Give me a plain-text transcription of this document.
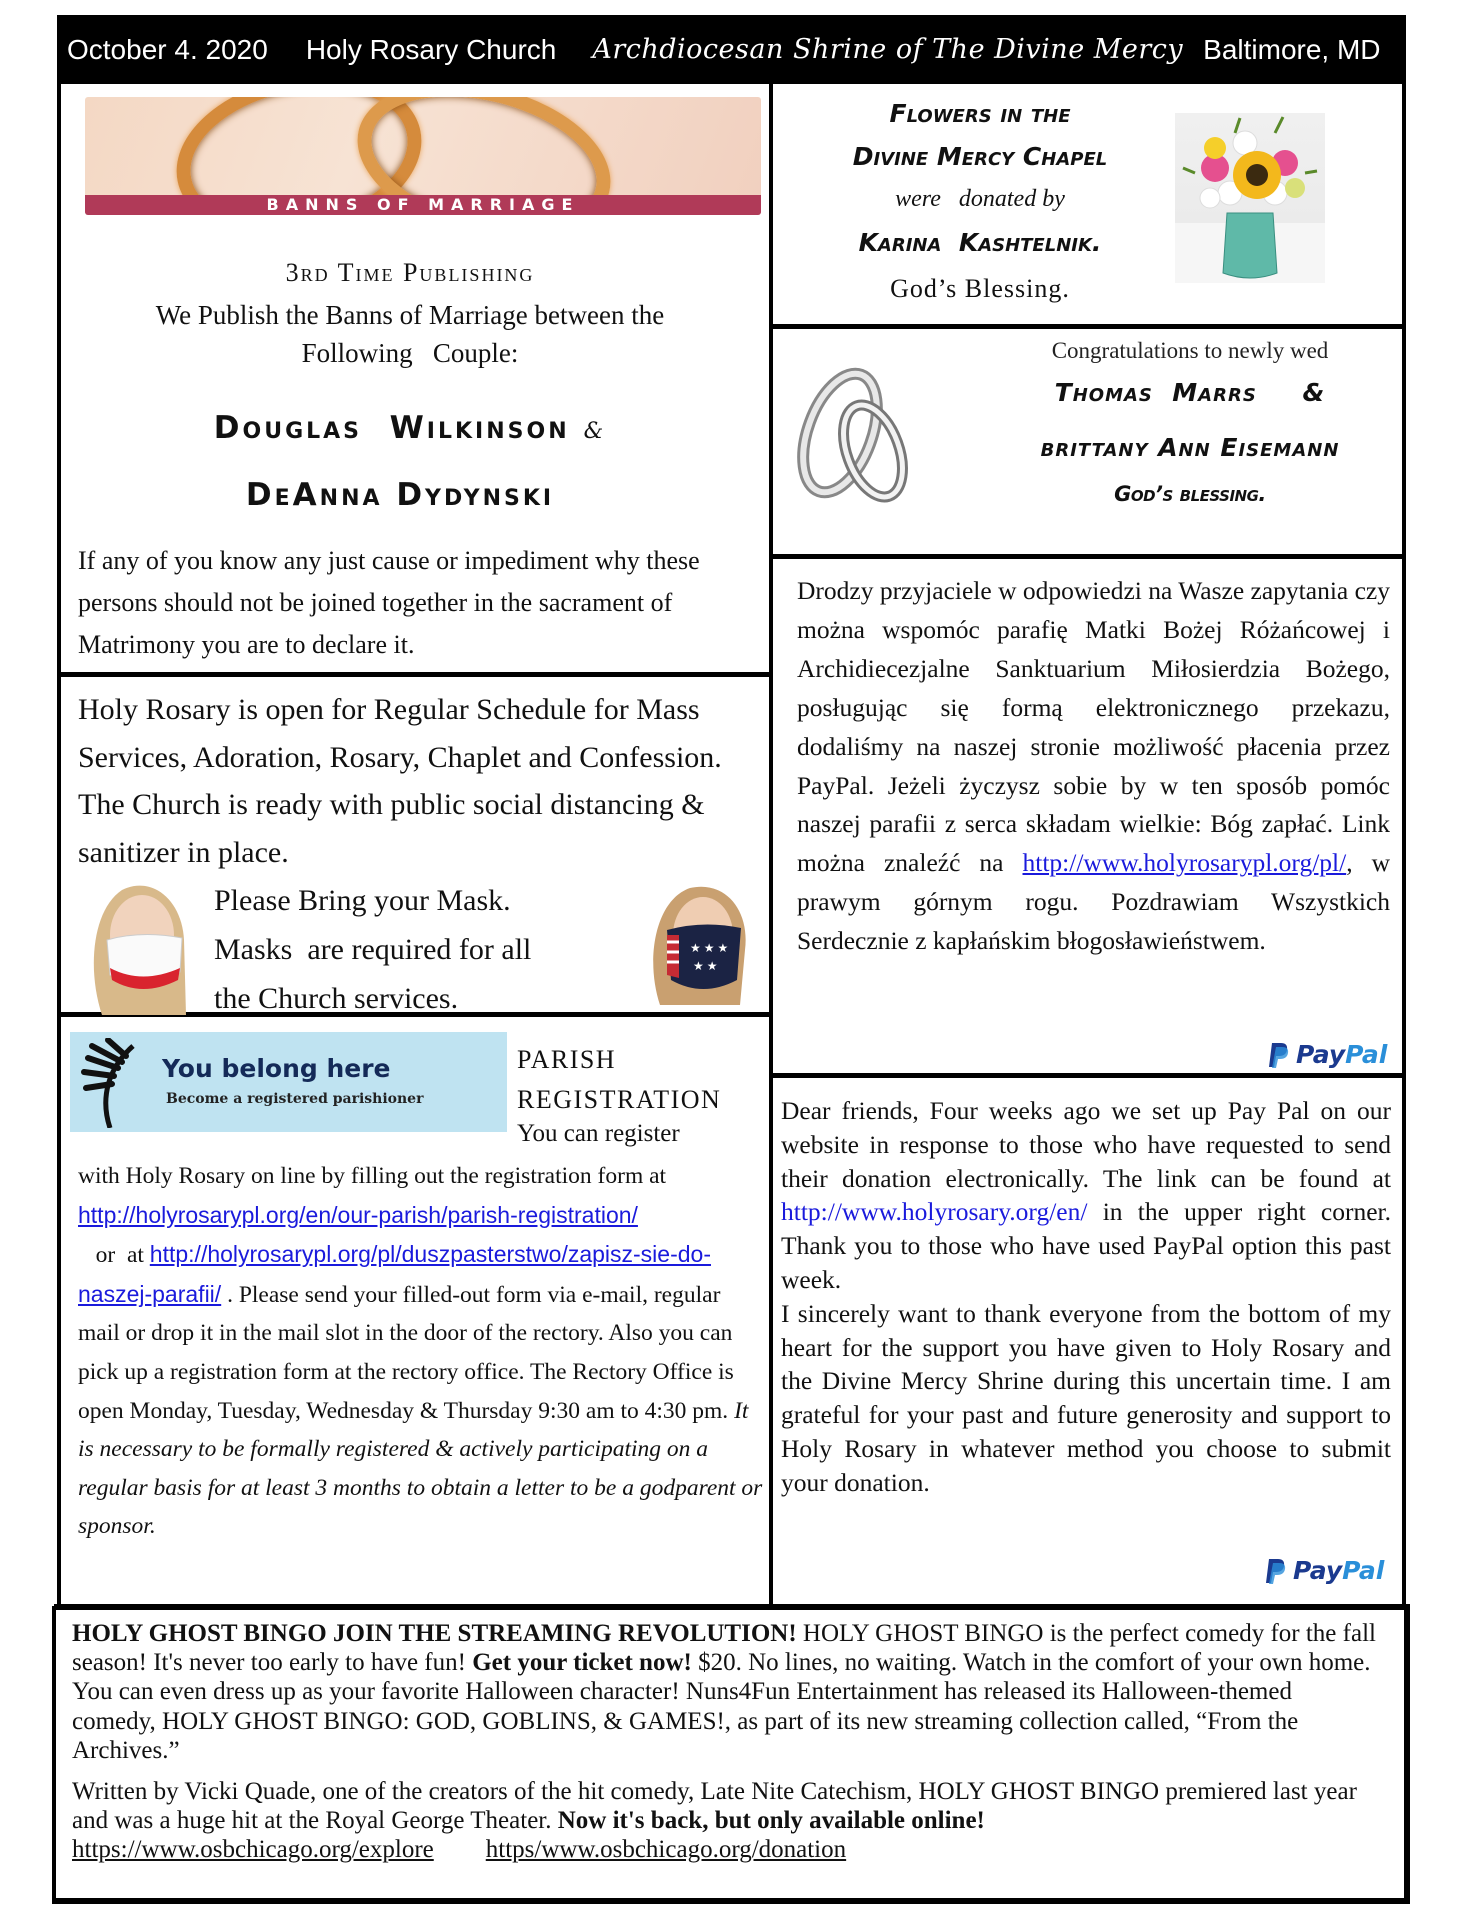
October 4. 2020 Holy Rosary Church Archdiocesan Shrine of The Divine Mercy Baltimore, MD
BANNS OF MARRIAGE
3rd Time Publishing
We Publish the Banns of Marriage between the
Following   Couple:
Douglas  Wilkinson &
DeAnna Dydynski
If any of you know any just cause or impediment why these persons should not be joined together in the sacrament of Matrimony you are to declare it.
Holy Rosary is open for Regular Schedule for Mass Services, Adoration, Rosary, Chaplet and Confession. The Church is ready with public social distancing & sanitizer in place.
Please Bring your Mask.
Masks  are required for all
the Church services.
★ ★ ★
★ ★
You belong here
Become a registered parishioner
PARISH
REGISTRATION
You can register
with Holy Rosary on line by filling out the registration form at http://holyrosarypl.org/en/our-parish/parish-registration/   or  at http://holyrosarypl.org/pl/duszpasterstwo/zapisz-sie-do-naszej-parafii/ . Please send your filled-out form via e-mail, regular mail or drop it in the mail slot in the door of the rectory. Also you can pick up a registration form at the rectory office. The Rectory Office is open Monday, Tuesday, Wednesday & Thursday 9:30 am to 4:30 pm. It is necessary to be formally registered & actively participating on a regular basis for at least 3 months to obtain a letter to be a godparent or sponsor.
Flowers in the
Divine Mercy Chapel
were   donated by
Karina  Kashtelnik.
God’s Blessing.
Congratulations to newly wed
Thomas  Marrs &
brittany Ann Eisemann
God’s blessing.
Drodzy przyjaciele w odpowiedzi na Wasze zapytania czy można wspomóc parafię Matki Bożej Różańcowej i Archidiecezjalne Sanktuarium Miłosierdzia Bożego, posługując się formą elektronicznego przekazu, dodaliśmy na naszej stronie możliwość płacenia przez PayPal. Jeżeli życzysz sobie by w ten sposób pomóc naszej parafii z serca składam wielkie: Bóg zapłać. Link można znaleźć na http://www.holyrosarypl.org/pl/, w prawym górnym rogu. Pozdrawiam Wszystkich Serdecznie z kapłańskim błogosławieństwem.
Pay Pal
Dear friends, Four weeks ago we set up Pay Pal on our website in response to those who have requested to send their donation electronically. The link can be found at http://www.holyrosary.org/en/ in the upper right corner. Thank you to those who have used PayPal option this past week.
I sincerely want to thank everyone from the bottom of my heart for the support you have given to Holy Rosary and the Divine Mercy Shrine during this uncertain time. I am grateful for your past and future generosity and support to Holy Rosary in whatever method you choose to submit your donation.
Pay Pal

HOLY GHOST BINGO JOIN THE STREAMING REVOLUTION! HOLY GHOST BINGO is the perfect comedy for the fall season! It's never too early to have fun! Get your ticket now! $20. No lines, no waiting. Watch in the comfort of your own home. You can even dress up as your favorite Halloween character! Nuns4Fun Entertainment has released its Halloween-themed comedy, HOLY GHOST BINGO: GOD, GOBLINS, & GAMES!, as part of its new streaming collection called, “From the Archives.”

Written by Vicki Quade, one of the creators of the hit comedy, Late Nite Catechism, HOLY GHOST BINGO premiered last year and was a huge hit at the Royal George Theater. Now it's back, but only available online!https://www.osbchicago.org/explore https/www.osbchicago.org/donation
